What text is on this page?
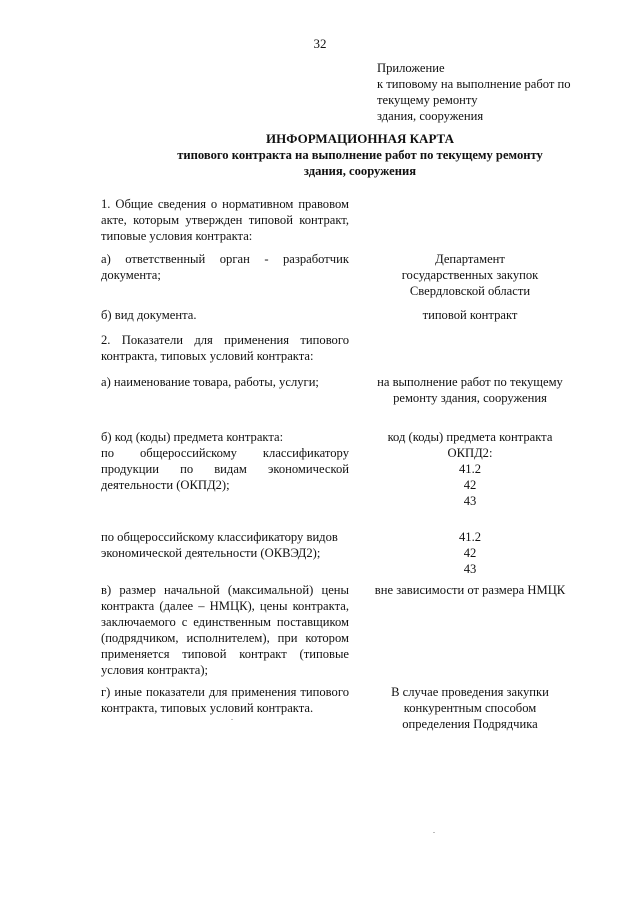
32
Приложение
к типовому на выполнение работ по
текущему ремонту
здания, сооружения
ИНФОРМАЦИОННАЯ КАРТА
типового контракта на выполнение работ по текущему ремонту
здания, сооружения
1. Общие сведения о нормативном правовом
акте, которым утвержден типовой контракт,
типовые условия контракта:
а) ответственный орган - разработчик
документа;
Департамент
государственных закупок
Свердловской области
б) вид документа.	типовой контракт
2. Показатели для применения типового
контракта, типовых условий контракта:
а) наименование товара, работы, услуги;	на выполнение работ по текущему
ремонту здания, сооружения
б) код (коды) предмета контракта:
по общероссийскому классификатору
продукции по видам экономической
деятельности (ОКПД2);
код (коды) предмета контракта
ОКПД2:
41.2
42
43
по общероссийскому классификатору видов
экономической деятельности (ОКВЭД2);
41.2
42
43
в) размер начальной (максимальной) цены
контракта (далее – НМЦК), цены контракта,
заключаемого с единственным поставщиком
(подрядчиком, исполнителем), при котором
применяется типовой контракт (типовые
условия контракта);
вне зависимости от размера НМЦК
г) иные показатели для применения типового
контракта, типовых условий контракта.
В случае проведения закупки
конкурентным способом
определения Подрядчика
